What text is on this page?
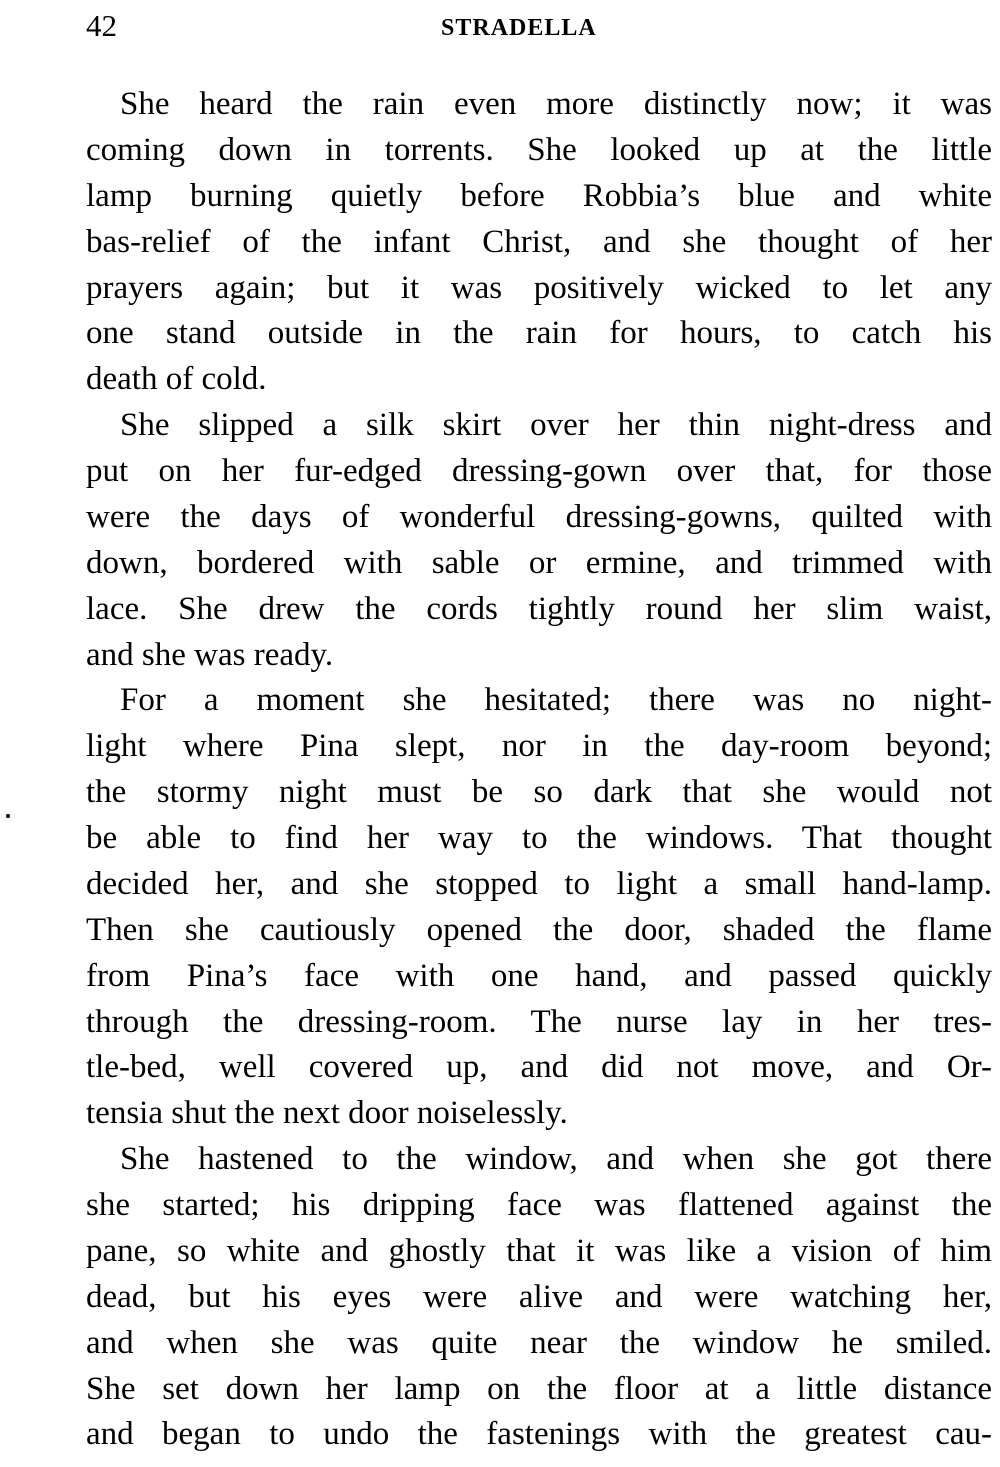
42	STRADELLA
She heard the rain even more distinctly now; it was
coming down in torrents. She looked up at the little
lamp burning quietly before Robbia’s blue and white
bas-relief of the infant Christ, and she thought of her
prayers again; but it was positively wicked to let any
one stand outside in the rain for hours, to catch his
death of cold.
She slipped a silk skirt over her thin night-dress and
put on her fur-edged dressing-gown over that, for those
were the days of wonderful dressing-gowns, quilted with
down, bordered with sable or ermine, and trimmed with
lace. She drew the cords tightly round her slim waist,
and she was ready.
For a moment she hesitated; there was no night-
light where Pina slept, nor in the day-room beyond;
the stormy night must be so dark that she would not
be able to find her way to the windows. That thought
decided her, and she stopped to light a small hand-lamp.
Then she cautiously opened the door, shaded the flame
from Pina’s face with one hand, and passed quickly
through the dressing-room. The nurse lay in her tres-
tle-bed, well covered up, and did not move, and Or-
tensia shut the next door noiselessly.
She hastened to the window, and when she got there
she started; his dripping face was flattened against the
pane, so white and ghostly that it was like a vision of him
dead, but his eyes were alive and were watching her,
and when she was quite near the window he smiled.
She set down her lamp on the floor at a little distance
and began to undo the fastenings with the greatest cau-
